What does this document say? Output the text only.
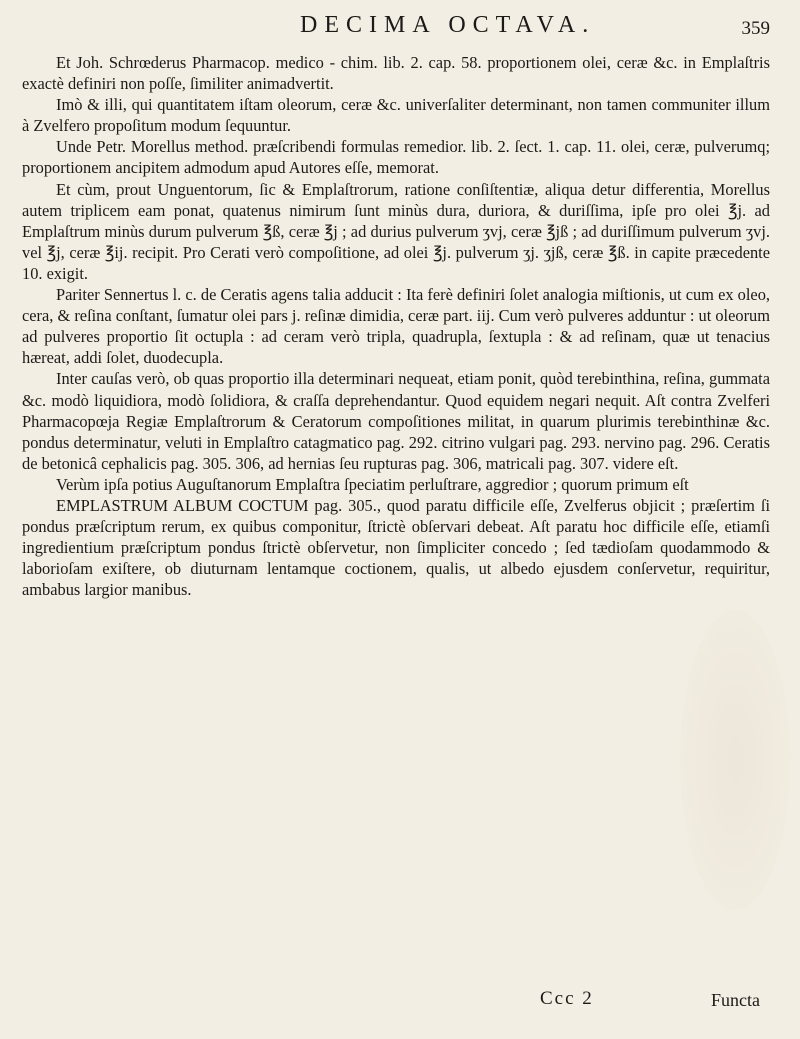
DECIMA OCTAVA.	359

Et Joh. Schrœderus Pharmacop. medico - chim. lib. 2. cap. 58. proportionem olei, ceræ &c. in Emplaſtris exactè definiri non poſſe, ſimiliter animadvertit.

Imò & illi, qui quantitatem iſtam oleorum, ceræ &c. univerſaliter determinant, non tamen communiter illum à Zvelfero propoſitum modum ſequuntur.

Unde Petr. Morellus method. præſcribendi formulas remedior. lib. 2. ſect. 1. cap. 11. olei, ceræ, pulverumq; proportionem ancipitem admodum apud Autores eſſe, memorat.

Et cùm, prout Unguentorum, ſic & Emplaſtrorum, ratione conſiſtentiæ, aliqua detur differentia, Morellus autem triplicem eam ponat, quatenus nimirum ſunt minùs dura, duriora, & duriſſima, ipſe pro olei ℥j. ad Emplaſtrum minùs durum pulverum ℥ß, ceræ ℥j ; ad durius pulverum ʒvj, ceræ ℥jß ; ad duriſſimum pulverum ʒvj. vel ℥j, ceræ ℥ij. recipit. Pro Cerati verò compoſitione, ad olei ℥j. pulverum ʒj. ʒjß, ceræ ℥ß. in capite præcedente 10. exigit.

Pariter Sennertus l. c. de Ceratis agens talia adducit : Ita ferè definiri ſolet analogia miſtionis, ut cum ex oleo, cera, & reſina conſtant, ſumatur olei pars j. reſinæ dimidia, ceræ part. iij. Cum verò pulveres adduntur : ut oleorum ad pulveres proportio ſit octupla : ad ceram verò tripla, quadrupla, ſextupla : & ad reſinam, quæ ut tenacius hæreat, addi ſolet, duodecupla.

Inter cauſas verò, ob quas proportio illa determinari nequeat, etiam ponit, quòd terebinthina, reſina, gummata &c. modò liquidiora, modò ſolidiora, & craſſa deprehendantur. Quod equidem negari nequit. Aſt contra Zvelferi Pharmacopœja Regiæ Emplaſtrorum & Ceratorum compoſitiones militat, in quarum plurimis terebinthinæ &c. pondus determinatur, veluti in Emplaſtro catagmatico pag. 292. citrino vulgari pag. 293. nervino pag. 296. Ceratis de betonicâ cephalicis pag. 305. 306, ad hernias ſeu rupturas pag. 306, matricali pag. 307. videre eſt.

Verùm ipſa potius Auguſtanorum Emplaſtra ſpeciatim perluſtrare, aggredior ; quorum primum eſt

EMPLASTRUM ALBUM COCTUM pag. 305., quod paratu difficile eſſe, Zvelferus objicit ; præſertim ſi pondus præſcriptum rerum, ex quibus componitur, ſtrictè obſervari debeat. Aſt paratu hoc difficile eſſe, etiamſi ingredientium præſcriptum pondus ſtrictè obſervetur, non ſimpliciter concedo ; ſed tædioſam quodammodo & laborioſam exiſtere, ob diuturnam lentamque coctionem, qualis, ut albedo ejusdem conſervetur, requiritur, ambabus largior manibus.

Ccc 2	Functa
